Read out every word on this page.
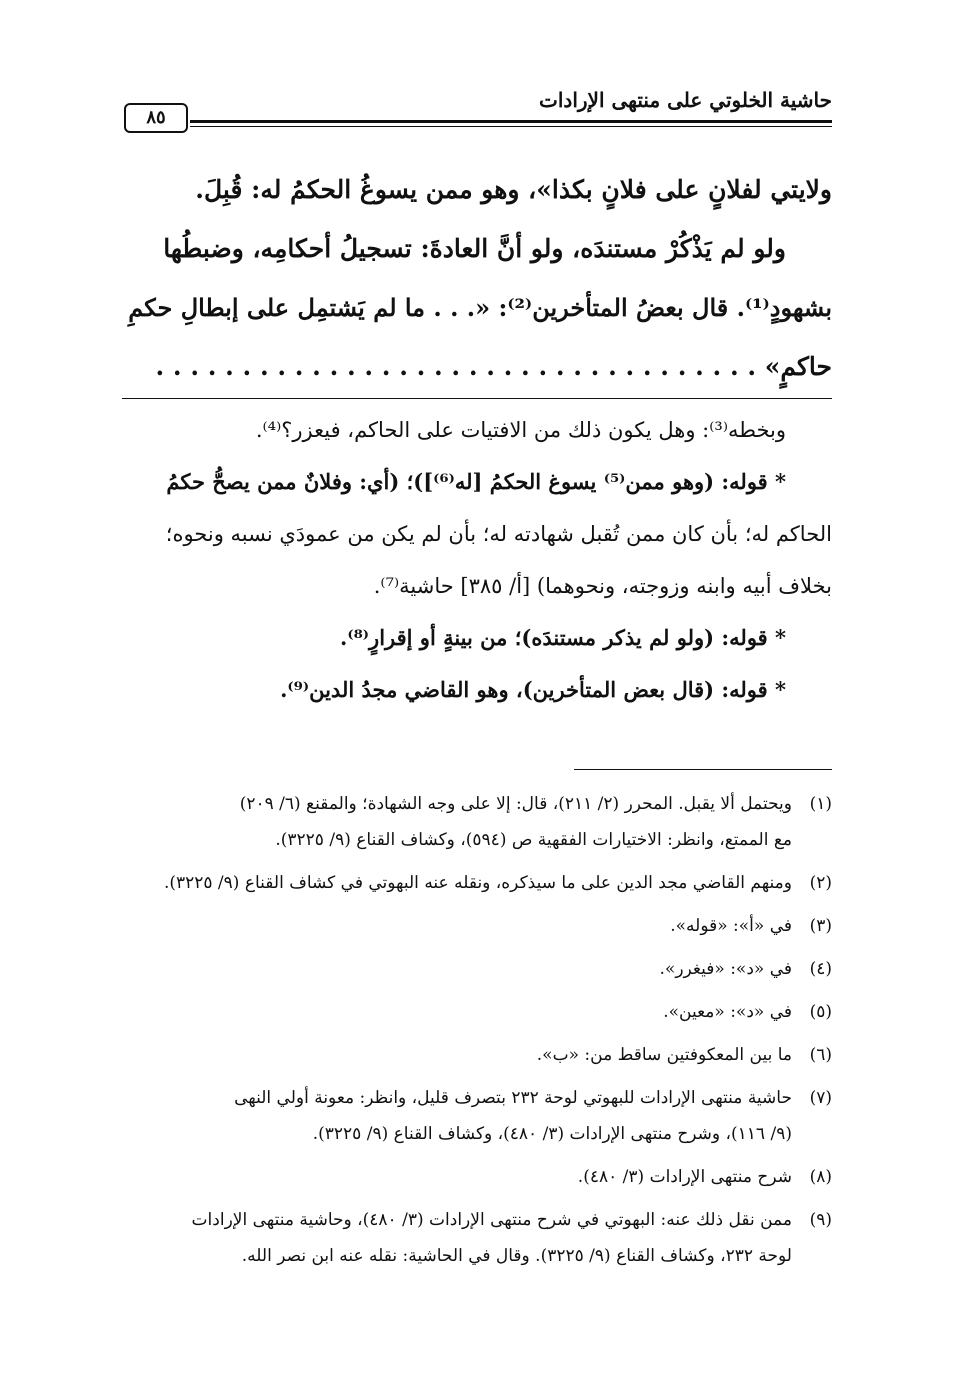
حاشية الخلوتي على منتهى الإرادات
٨٥
ولايتي لفلانٍ على فلانٍ بكذا»، وهو ممن يسوغُ الحكمُ له: قُبِلَ.
ولو لم يَذْكُرْ مستندَه، ولو أنَّ العادةَ: تسجيلُ أحكامِه، وضبطُها
بشهودٍ⁽¹⁾. قال بعضُ المتأخرين⁽²⁾: «. . . ما لم يَشتمِل على إبطالِ حكمِ
حاكمٍ» . . . . . . . . . . . . . . . . . . . . . . . . . . . . . . . . . . .
وبخطه⁽³⁾: وهل يكون ذلك من الافتيات على الحاكم، فيعزر؟⁽⁴⁾.
* قوله: (وهو ممن⁽⁵⁾ يسوغ الحكمُ [له⁽⁶⁾])؛ (أي: وفلانٌ ممن يصحُّ حكمُ
الحاكم له؛ بأن كان ممن تُقبل شهادته له؛ بأن لم يكن من عمودَي نسبه ونحوه؛
بخلاف أبيه وابنه وزوجته، ونحوهما) [أ/ ٣٨٥] حاشية⁽⁷⁾.
* قوله: (ولو لم يذكر مستندَه)؛ من بينةٍ أو إقرارٍ⁽⁸⁾.
* قوله: (قال بعض المتأخرين)، وهو القاضي مجدُ الدين⁽⁹⁾.
(١)
ويحتمل ألا يقبل. المحرر (٢/ ٢١١)، قال: إلا على وجه الشهادة؛ والمقنع (٦/ ٢٠٩)
مع الممتع، وانظر: الاختيارات الفقهية ص (٥٩٤)، وكشاف القناع (٩/ ٣٢٢٥).
(٢)
ومنهم القاضي مجد الدين على ما سيذكره، ونقله عنه البهوتي في كشاف القناع (٩/ ٣٢٢٥).
(٣)
في «أ»: «قوله».
(٤)
في «د»: «فيغرر».
(٥)
في «د»: «معين».
(٦)
ما بين المعكوفتين ساقط من: «ب».
(٧)
حاشية منتهى الإرادات للبهوتي لوحة ٢٣٢ بتصرف قليل، وانظر: معونة أولي النهى
(٩/ ١١٦)، وشرح منتهى الإرادات (٣/ ٤٨٠)، وكشاف القناع (٩/ ٣٢٢٥).
(٨)
شرح منتهى الإرادات (٣/ ٤٨٠).
(٩)
ممن نقل ذلك عنه: البهوتي في شرح منتهى الإرادات (٣/ ٤٨٠)، وحاشية منتهى الإرادات
لوحة ٢٣٢، وكشاف القناع (٩/ ٣٢٢٥). وقال في الحاشية: نقله عنه ابن نصر الله.
